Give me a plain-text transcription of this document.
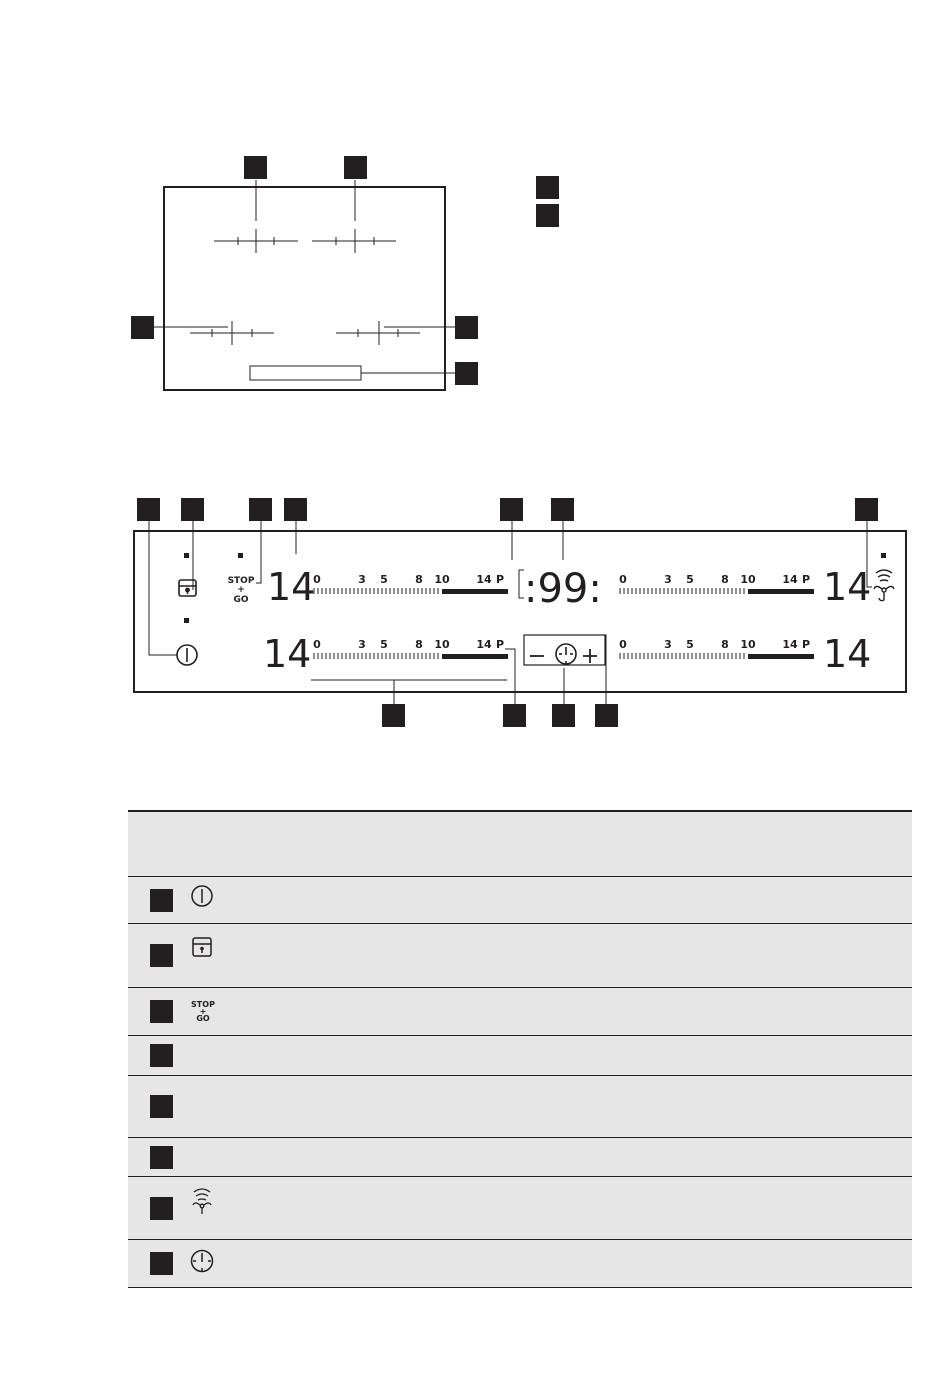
STOP
+
GO	:99:
0	3 5 8 10 14 P
0	3 5 8 10 14 P
0	3 5 8 10 14 P
0	3 5 8 10 14 P
14
14
14
14

	STOP
+
GO	
